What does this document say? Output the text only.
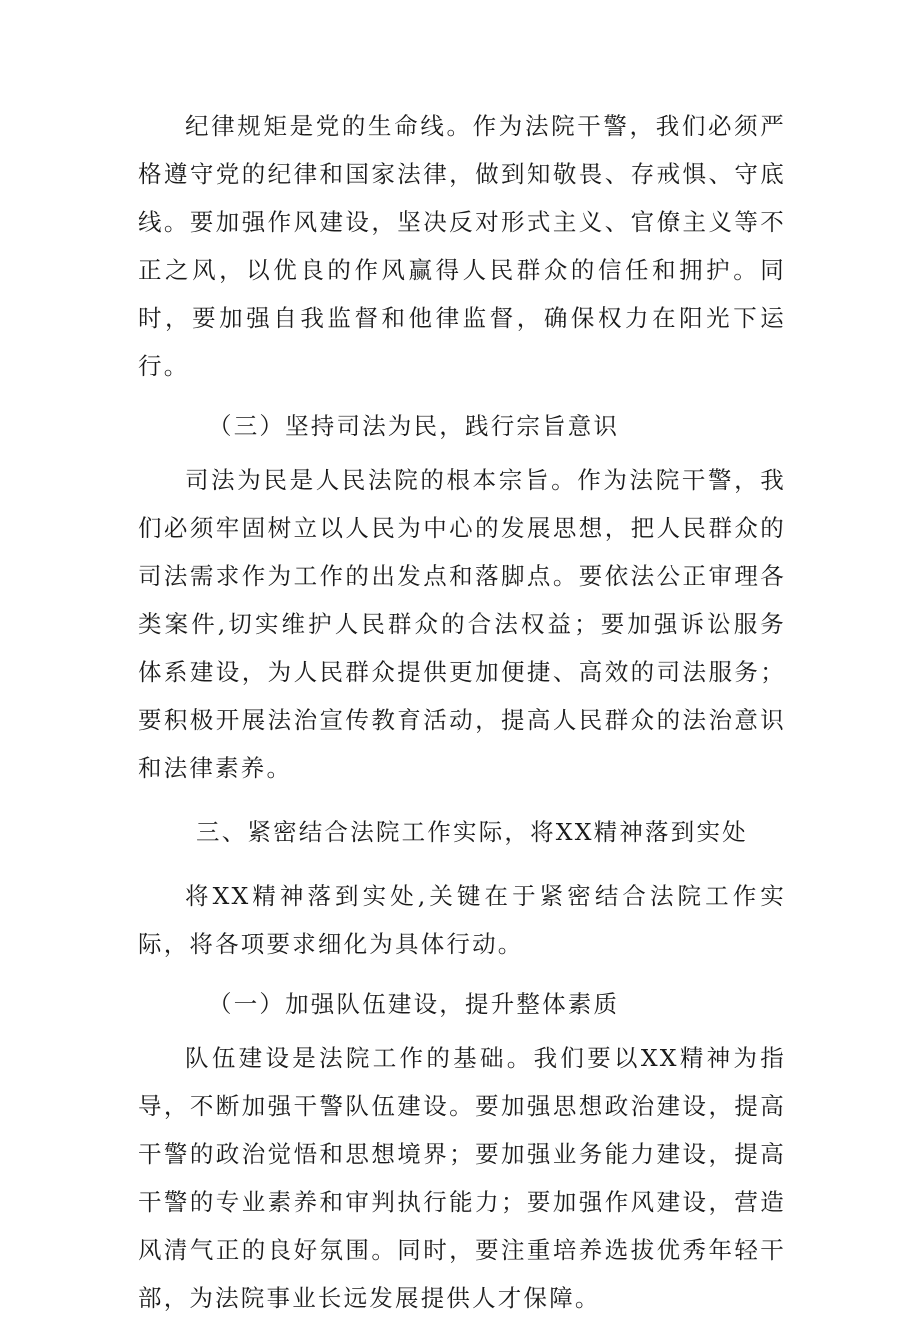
纪律规矩是党的生命线。作为法院干警，我们必须严格遵守党的纪律和国家法律，做到知敬畏、存戒惧、守底线。要加强作风建设，坚决反对形式主义、官僚主义等不正之风，以优良的作风赢得人民群众的信任和拥护。同时，要加强自我监督和他律监督，确保权力在阳光下运行。

（三）坚持司法为民，践行宗旨意识

司法为民是人民法院的根本宗旨。作为法院干警，我们必须牢固树立以人民为中心的发展思想，把人民群众的司法需求作为工作的出发点和落脚点。要依法公正审理各类案件,切实维护人民群众的合法权益；要加强诉讼服务体系建设，为人民群众提供更加便捷、高效的司法服务；要积极开展法治宣传教育活动，提高人民群众的法治意识和法律素养。

三、紧密结合法院工作实际，将XX精神落到实处

将XX精神落到实处,关键在于紧密结合法院工作实际，将各项要求细化为具体行动。

（一）加强队伍建设，提升整体素质

队伍建设是法院工作的基础。我们要以XX精神为指导，不断加强干警队伍建设。要加强思想政治建设，提高干警的政治觉悟和思想境界；要加强业务能力建设，提高干警的专业素养和审判执行能力；要加强作风建设，营造风清气正的良好氛围。同时，要注重培养选拔优秀年轻干部，为法院事业长远发展提供人才保障。
